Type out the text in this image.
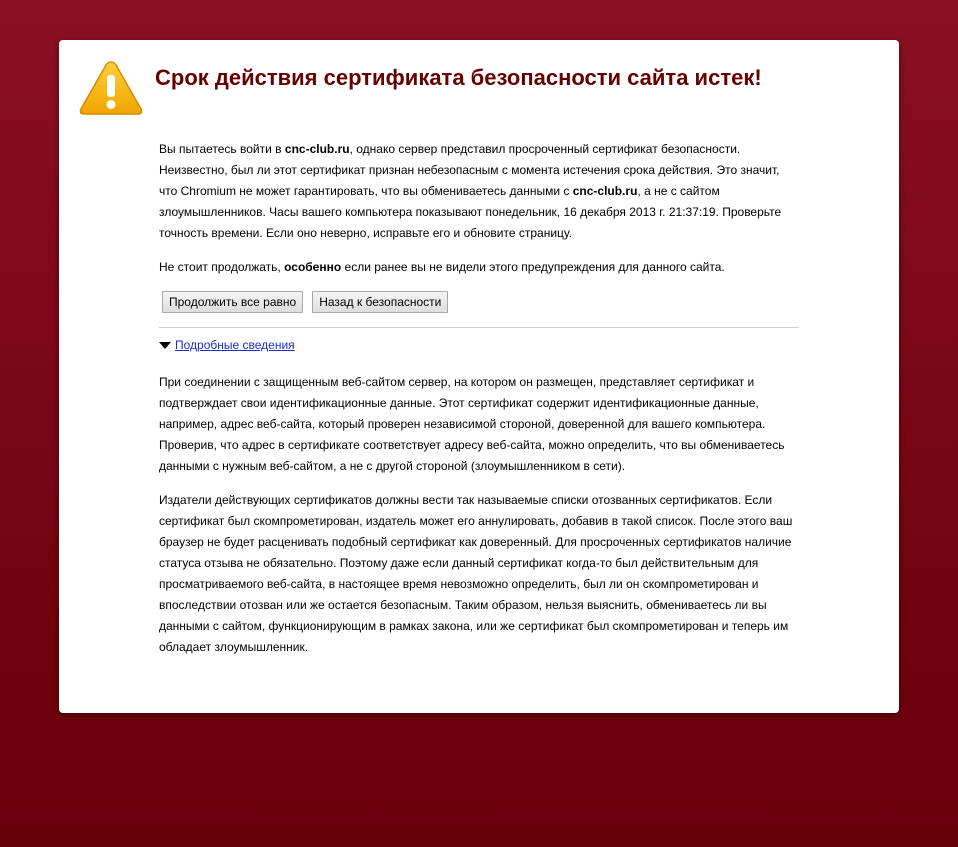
Срок действия сертификата безопасности сайта истек!

Вы пытаетесь войти в cnc-club.ru, однако сервер представил просроченный сертификат безопасности. Неизвестно, был ли этот сертификат признан небезопасным с момента истечения срока действия. Это значит, что Chromium не может гарантировать, что вы обмениваетесь данными с cnc-club.ru, а не с сайтом злоумышленников. Часы вашего компьютера показывают понедельник, 16 декабря 2013 г. 21:37:19. Проверьте точность времени. Если оно неверно, исправьте его и обновите страницу.

Не стоит продолжать, особенно если ранее вы не видели этого предупреждения для данного сайта.

Продолжить все равно	Назад к безопасности
Подробные сведения

При соединении с защищенным веб-сайтом сервер, на котором он размещен, представляет сертификат и подтверждает свои идентификационные данные. Этот сертификат содержит идентификационные данные, например, адрес веб-сайта, который проверен независимой стороной, доверенной для вашего компьютера. Проверив, что адрес в сертификате соответствует адресу веб-сайта, можно определить, что вы обмениваетесь данными с нужным веб-сайтом, а не с другой стороной (злоумышленником в сети).

Издатели действующих сертификатов должны вести так называемые списки отозванных сертификатов. Если сертификат был скомпрометирован, издатель может его аннулировать, добавив в такой список. После этого ваш браузер не будет расценивать подобный сертификат как доверенный. Для просроченных сертификатов наличие статуса отзыва не обязательно. Поэтому даже если данный сертификат когда-то был действительным для просматриваемого веб-сайта, в настоящее время невозможно определить, был ли он скомпрометирован и впоследствии отозван или же остается безопасным. Таким образом, нельзя выяснить, обмениваетесь ли вы данными с сайтом, функционирующим в рамках закона, или же сертификат был скомпрометирован и теперь им обладает злоумышленник.
